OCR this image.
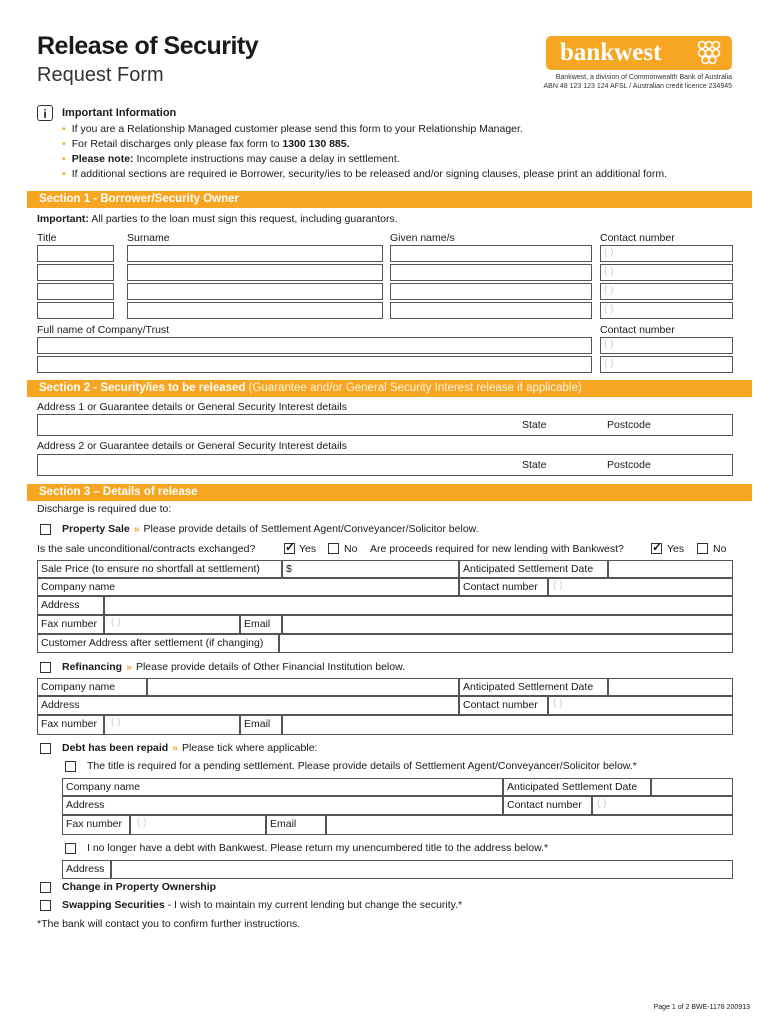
Release of Security
Request Form
bankwest
Bankwest, a division of Commonwealth Bank of Australia
ABN 48 123 123 124 AFSL / Australian credit licence 234945
i	Important Information
• If you are a Relationship Managed customer please send this form to your Relationship Manager.
• For Retail discharges only please fax form to 1300 130 885.
• Please note: Incomplete instructions may cause a delay in settlement.
• If additional sections are required ie Borrower, security/ies to be released and/or signing clauses, please print an additional form.
Section 1 - Borrower/Security Owner
Important: All parties to the loan must sign this request, including guarantors.
Title	Surname	Given name/s	Contact number
( )
( )
( )
( )
Full name of Company/Trust	Contact number
( )
( )
Section 2 - Security/ies to be released (Guarantee and/or General Security Interest release if applicable)
Address 1 or Guarantee details or General Security Interest details
State	Postcode
Address 2 or Guarantee details or General Security Interest details
State	Postcode
Section 3 – Details of release
Discharge is required due to:
Property Sale » Please provide details of Settlement Agent/Conveyancer/Solicitor below.
Is the sale unconditional/contracts exchanged? ✓	Yes	No Are proceeds required for new lending with Bankwest? ✓	Yes	No
Sale Price (to ensure no shortfall at settlement)	$	Anticipated Settlement Date
Company name	Contact number	( )
Address
Fax number	( )	Email
Customer Address after settlement (if changing)
Refinancing » Please provide details of Other Financial Institution below.
Company name	Anticipated Settlement Date
Address	Contact number	( )
Fax number	( )	Email
Debt has been repaid » Please tick where applicable:
The title is required for a pending settlement. Please provide details of Settlement Agent/Conveyancer/Solicitor below.*
Company name	Anticipated Settlement Date
Address	Contact number	( )
Fax number	( )	Email
I no longer have a debt with Bankwest. Please return my unencumbered title to the address below.*
Address
Change in Property Ownership
Swapping Securities - I wish to maintain my current lending but change the security.*
*The bank will contact you to confirm further instructions.
Page 1 of 2 BWE-1178 200913
